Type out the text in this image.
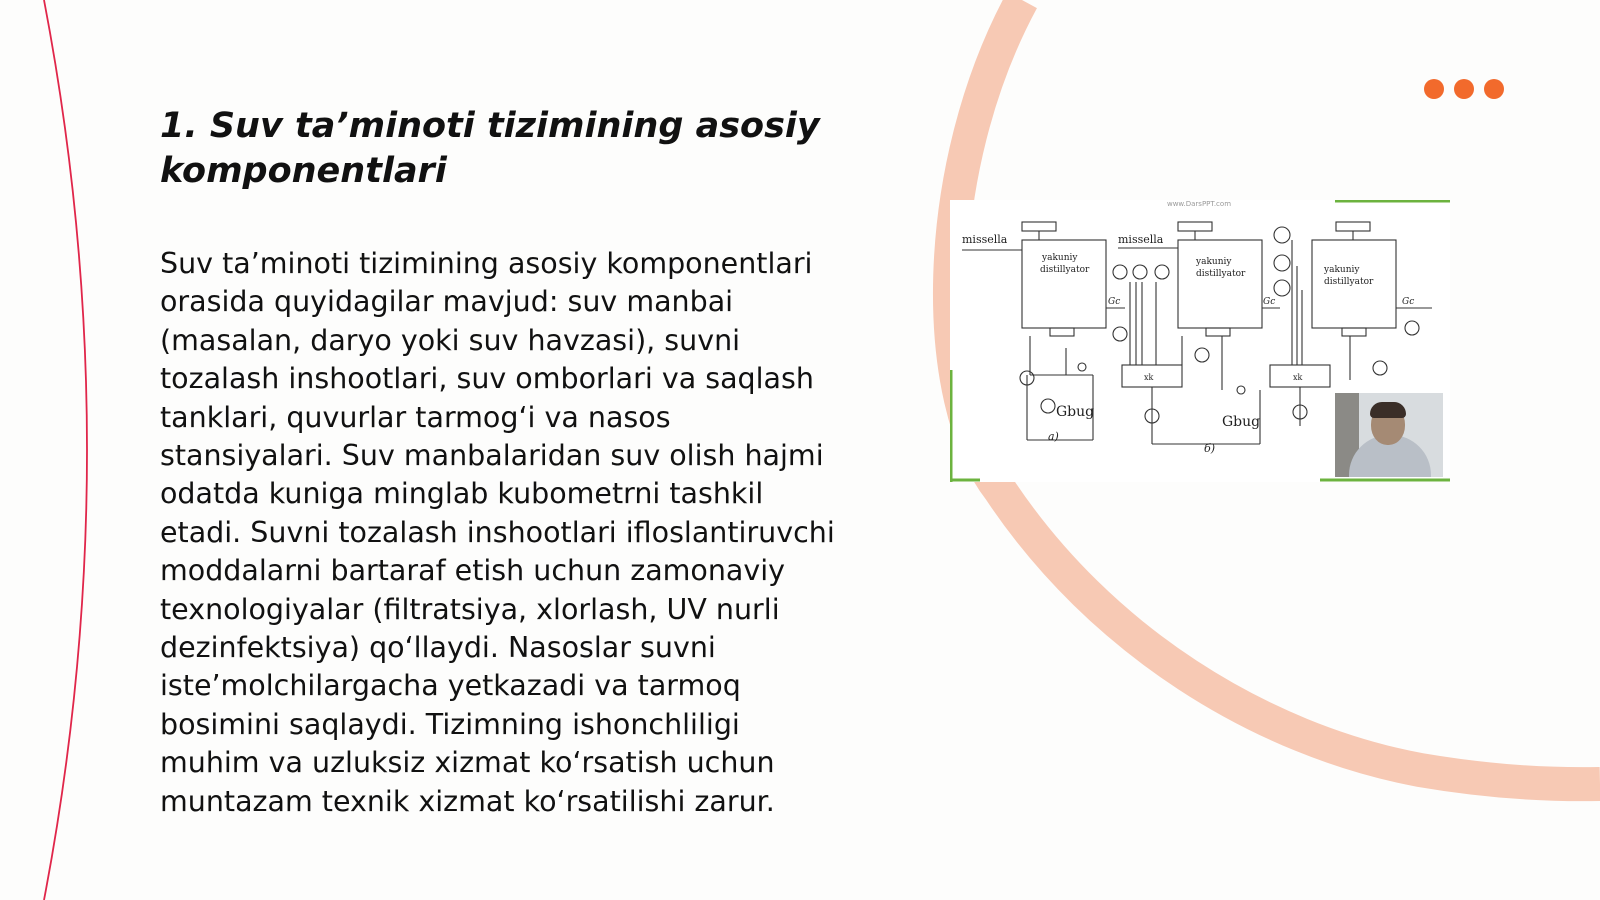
1. Suv ta’minoti tizimining asosiy komponentlari

Suv ta’minoti tizimining asosiy komponentlari orasida quyidagilar mavjud: suv manbai (masalan, daryo yoki suv havzasi), suvni tozalash inshootlari, suv omborlari va saqlash tanklari, quvurlar tarmog‘i va nasos stansiyalari. Suv manbalaridan suv olish hajmi odatda kuniga minglab kubometrni tashkil etadi. Suvni tozalash inshootlari ifloslantiruvchi moddalarni bartaraf etish uchun zamonaviy texnologiyalar (filtratsiya, xlorlash, UV nurli dezinfektsiya) qo‘llaydi. Nasoslar suvni iste’molchilargacha yetkazadi va tarmoq bosimini saqlaydi. Tizimning ishonchliligi muhim va uzluksiz xizmat ko‘rsatish uchun muntazam texnik xizmat ko‘rsatilishi zarur.

missella	missella
yakuniy
distillyator
yakuniy
distillyator	yakuniy
distillyator
xk	xk
Gbug
Gbug
Gc	Gc	Gc
a)
б)
www.DarsPPT.com
